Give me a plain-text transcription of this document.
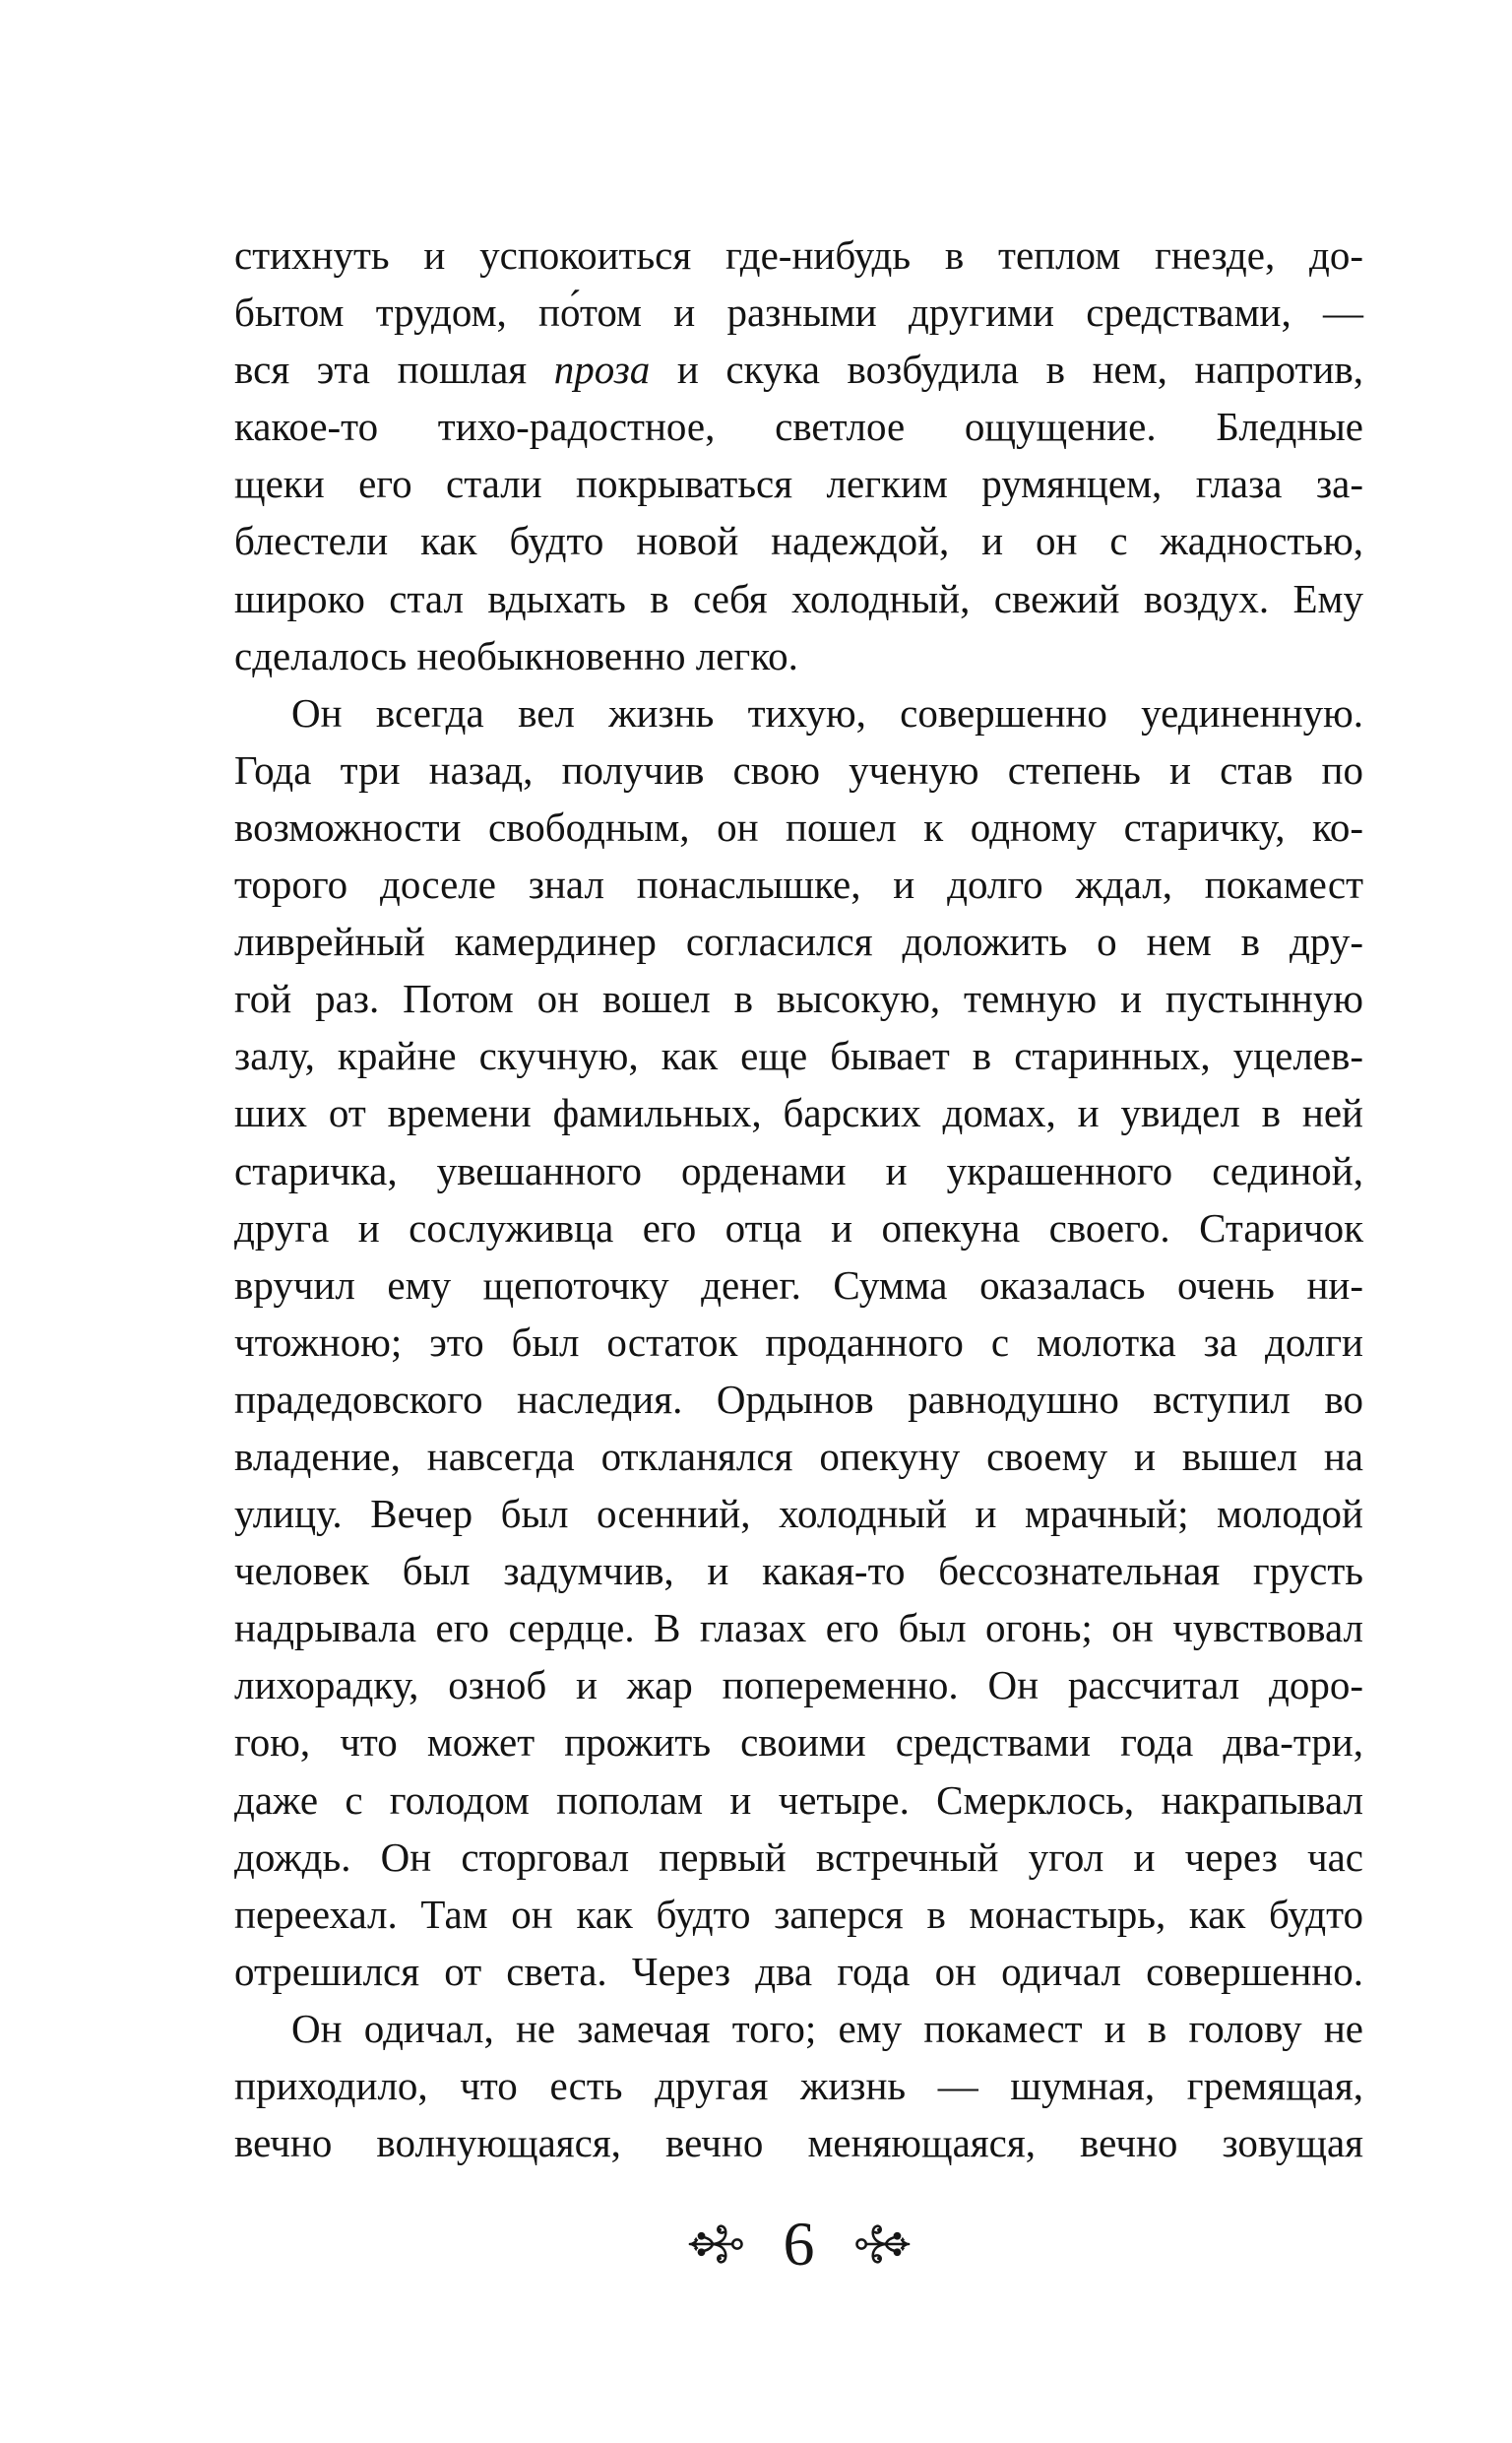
стихнуть и успокоиться где-нибудь в теплом гнезде, до-
бытом трудом, по́том и разными другими средствами, —
вся эта пошлая проза и скука возбудила в нем, напротив,
какое-то тихо-радостное, светлое ощущение. Бледные
щеки его стали покрываться легким румянцем, глаза за-
блестели как будто новой надеждой, и он с жадностью,
широко стал вдыхать в себя холодный, свежий воздух. Ему
сделалось необыкновенно легко.
Он всегда вел жизнь тихую, совершенно уединенную.
Года три назад, получив свою ученую степень и став по
возможности свободным, он пошел к одному старичку, ко-
торого доселе знал понаслышке, и долго ждал, покамест
ливрейный камердинер согласился доложить о нем в дру-
гой раз. Потом он вошел в высокую, темную и пустынную
залу, крайне скучную, как еще бывает в старинных, уцелев-
ших от времени фамильных, барских домах, и увидел в ней
старичка, увешанного орденами и украшенного сединой,
друга и сослуживца его отца и опекуна своего. Старичок
вручил ему щепоточку денег. Сумма оказалась очень ни-
чтожною; это был остаток проданного с молотка за долги
прадедовского наследия. Ордынов равнодушно вступил во
владение, навсегда откланялся опекуну своему и вышел на
улицу. Вечер был осенний, холодный и мрачный; молодой
человек был задумчив, и какая-то бессознательная грусть
надрывала его сердце. В глазах его был огонь; он чувствовал
лихорадку, озноб и жар попеременно. Он рассчитал доро-
гою, что может прожить своими средствами года два-три,
даже с голодом пополам и четыре. Смерклось, накрапывал
дождь. Он сторговал первый встречный угол и через час
переехал. Там он как будто заперся в монастырь, как будто
отрешился от света. Через два года он одичал совершенно.
Он одичал, не замечая того; ему покамест и в голову не
приходило, что есть другая жизнь — шумная, гремящая,
вечно волнующаяся, вечно меняющаяся, вечно зовущая
6
